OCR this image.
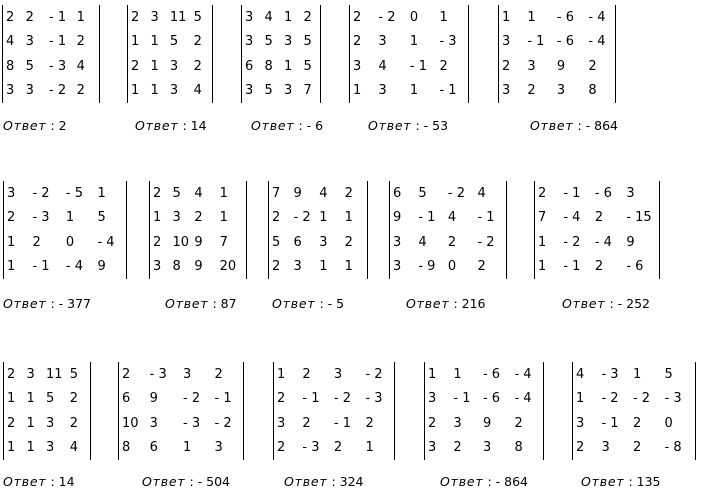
2	2	- 1	1
4	3	- 1	2
8	5	- 3	4
3	3	- 2	2
Ответ : 2
2	3	11	5
1	1	5	2
2	1	3	2
1	1	3	4
Ответ : 14
3	4	1	2
3	5	3	5
6	8	1	5
3	5	3	7
Ответ : - 6
2	- 2	0	1
2	3	1	- 3
3	4	- 1	2
1	3	1	- 1
Ответ : - 53
1	1	- 6	- 4
3	- 1	- 6	- 4
2	3	9	2
3	2	3	8
Ответ : - 864
3	- 2	- 5	1
2	- 3	1	5
1	2	0	- 4
1	- 1	- 4	9
Ответ : - 377
2	5	4	1
1	3	2	1
2	10	9	7
3	8	9	20
Ответ : 87
7	9	4	2
2	- 2	1	1
5	6	3	2
2	3	1	1
Ответ : - 5
6	5	- 2	4
9	- 1	4	- 1
3	4	2	- 2
3	- 9	0	2
Ответ : 216
2	- 1	- 6	3
7	- 4	2	- 15
1	- 2	- 4	9
1	- 1	2	- 6
Ответ : - 252
2	3	11	5
1	1	5	2
2	1	3	2
1	1	3	4
Ответ : 14
2	- 3	3	2
6	9	- 2	- 1
10	3	- 3	- 2
8	6	1	3
Ответ : - 504
1	2	3	- 2
2	- 1	- 2	- 3
3	2	- 1	2
2	- 3	2	1
Ответ : 324
1	1	- 6	- 4
3	- 1	- 6	- 4
2	3	9	2
3	2	3	8
Ответ : - 864
4	- 3	1	5
1	- 2	- 2	- 3
3	- 1	2	0
2	3	2	- 8
Ответ : 135
